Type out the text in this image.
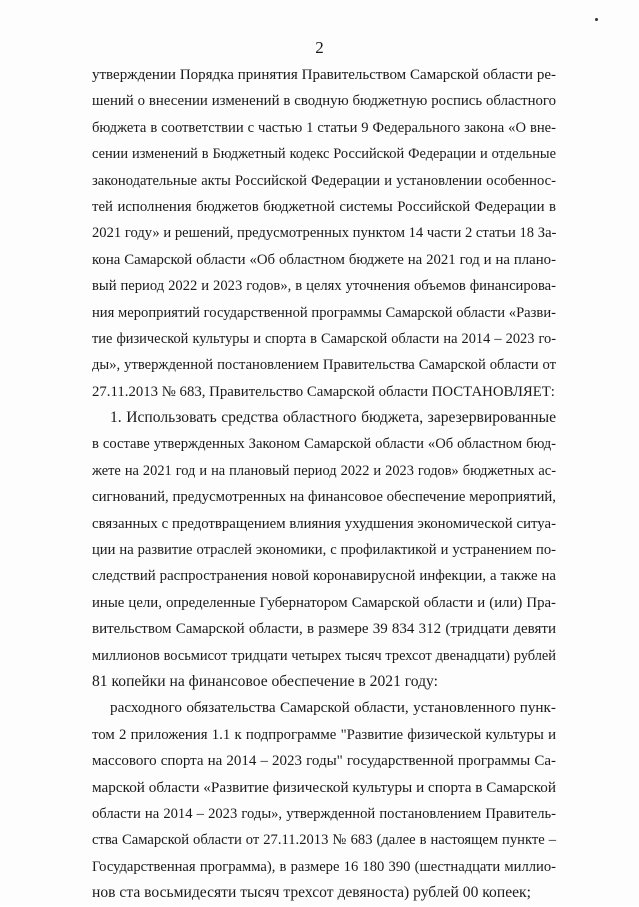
2
утверждении Порядка принятия Правительством Самарской области ре-
шений о внесении изменений в сводную бюджетную роспись областного
бюджета в соответствии с частью 1 статьи 9 Федерального закона «О вне-
сении изменений в Бюджетный кодекс Российской Федерации и отдельные
законодательные акты Российской Федерации и установлении особеннос-
тей исполнения бюджетов бюджетной системы Российской Федерации в
2021 году» и решений, предусмотренных пунктом 14 части 2 статьи 18 За-
кона Самарской области «Об областном бюджете на 2021 год и на плано-
вый период 2022 и 2023 годов», в целях уточнения объемов финансирова-
ния мероприятий государственной программы Самарской области «Разви-
тие физической культуры и спорта в Самарской области на 2014 – 2023 го-
ды», утвержденной постановлением Правительства Самарской области от
27.11.2013 № 683, Правительство Самарской области ПОСТАНОВЛЯЕТ:
1. Использовать средства областного бюджета, зарезервированные
в составе утвержденных Законом Самарской области «Об областном бюд-
жете на 2021 год и на плановый период 2022 и 2023 годов» бюджетных ас-
сигнований, предусмотренных на финансовое обеспечение мероприятий,
связанных с предотвращением влияния ухудшения экономической ситуа-
ции на развитие отраслей экономики, с профилактикой и устранением по-
следствий распространения новой коронавирусной инфекции, а также на
иные цели, определенные Губернатором Самарской области и (или) Пра-
вительством Самарской области, в размере 39 834 312 (тридцати девяти
миллионов восьмисот тридцати четырех тысяч трехсот двенадцати) рублей
81 копейки на финансовое обеспечение в 2021 году:
расходного обязательства Самарской области, установленного пунк-
том 2 приложения 1.1 к подпрограмме "Развитие физической культуры и
массового спорта на 2014 – 2023 годы" государственной программы Са-
марской области «Развитие физической культуры и спорта в Самарской
области на 2014 – 2023 годы», утвержденной постановлением Правитель-
ства Самарской области от 27.11.2013 № 683 (далее в настоящем пункте –
Государственная программа), в размере 16 180 390 (шестнадцати миллио-
нов ста восьмидесяти тысяч трехсот девяноста) рублей 00 копеек;
